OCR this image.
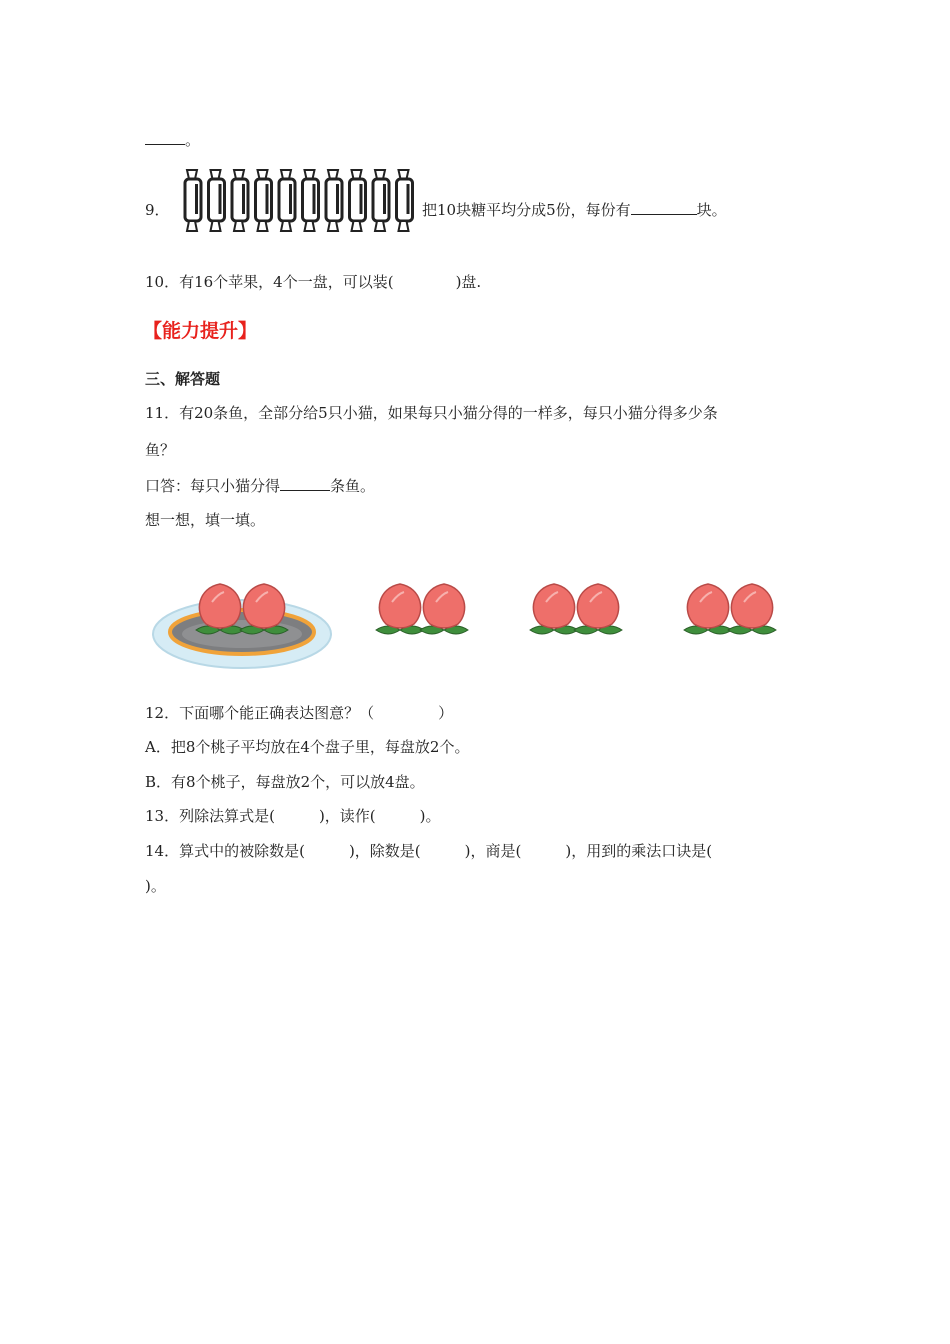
。
9．	把10块糖平均分成5份，每份有	块。
10．有16个苹果，4个一盘，可以装(	)盘.
【能力提升】
三、解答题
11．有20条鱼，全部分给5只小猫，如果每只小猫分得的一样多，每只小猫分得多少条
鱼？
口答：每只小猫分得	条鱼。
想一想，填一填。
12．下面哪个能正确表达图意？（	）
A．把8个桃子平均放在4个盘子里，每盘放2个。
B．有8个桃子，每盘放2个，可以放4盘。
13．列除法算式是(	)，读作(	)。
14．算式中的被除数是(	)，除数是(	)，商是(	)，用到的乘法口诀是(
)。
